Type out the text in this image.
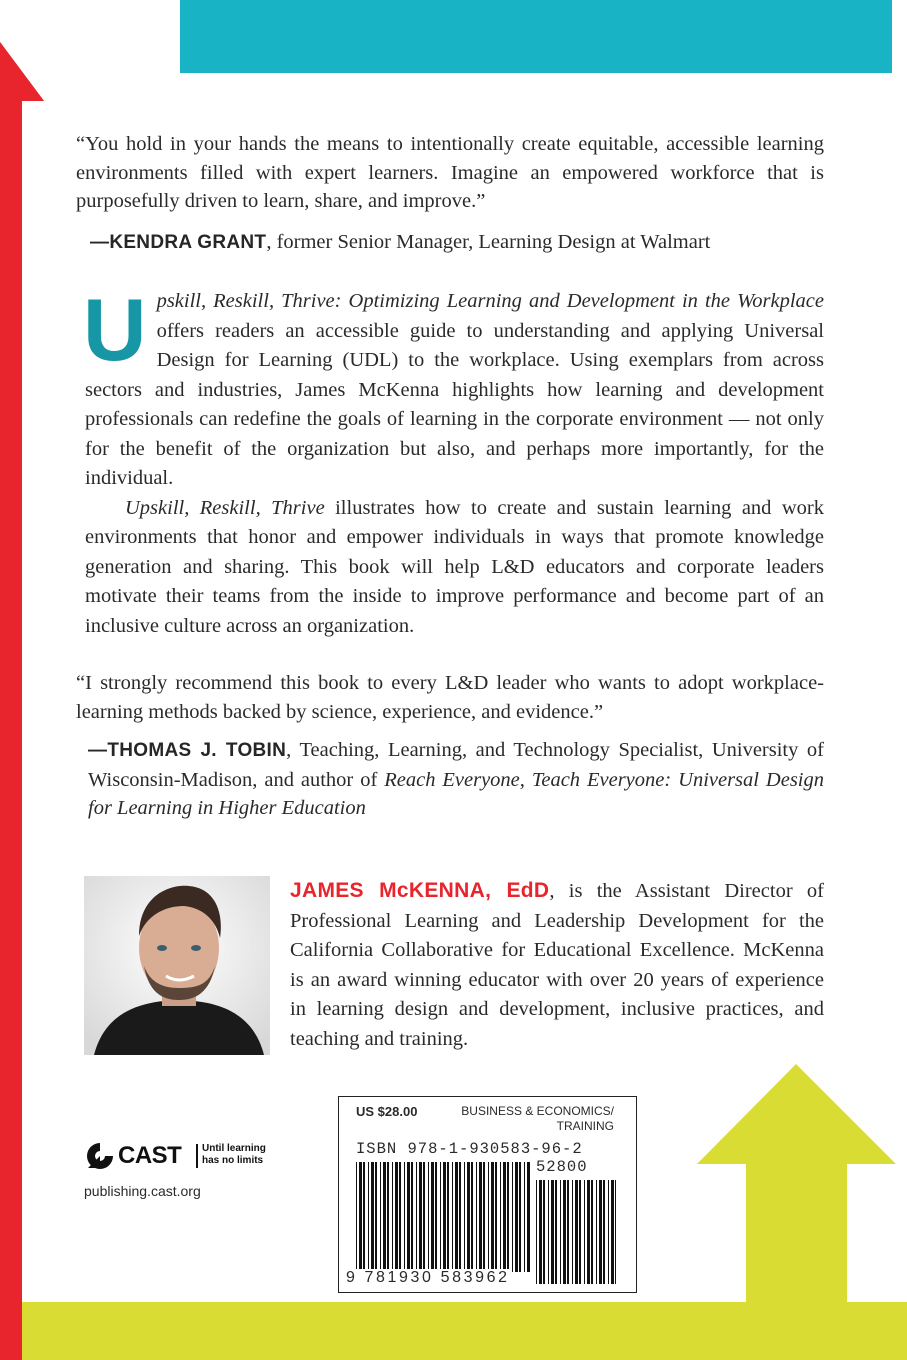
“You hold in your hands the means to intentionally create equitable, accessible learning environments filled with expert learners. Imagine an empowered workforce that is purposefully driven to learn, share, and improve.”
—KENDRA GRANT, former Senior Manager, Learning Design at Walmart

Upskill, Reskill, Thrive: Optimizing Learning and Development in the Workplace offers readers an accessible guide to understanding and applying Universal Design for Learning (UDL) to the workplace. Using exemplars from across sectors and industries, James McKenna highlights how learning and development professionals can redefine the goals of learning in the corporate environment — not only for the benefit of the organization but also, and perhaps more importantly, for the individual.

Upskill, Reskill, Thrive illustrates how to create and sustain learning and work environments that honor and empower individuals in ways that promote knowledge generation and sharing. This book will help L&D educators and corporate leaders motivate their teams from the inside to improve performance and become part of an inclusive culture across an organization.

“I strongly recommend this book to every L&D leader who wants to adopt workplace-learning methods backed by science, experience, and evidence.”
—THOMAS J. TOBIN, Teaching, Learning, and Technology Specialist, University of Wisconsin-Madison, and author of Reach Everyone, Teach Everyone: Universal Design for Learning in Higher Education
JAMES McKENNA, EdD, is the Assistant Director of Professional Learning and Leadership Development for the California Collaborative for Educational Excellence. McKenna is an award winning educator with over 20 years of experience in learning design and development, inclusive practices, and teaching and training.
CAST Until learning
has no limits
publishing.cast.org
US $28.00	BUSINESS & ECONOMICS/ TRAINING
ISBN 978-1-930583-96-2
52800
9 781930 583962
